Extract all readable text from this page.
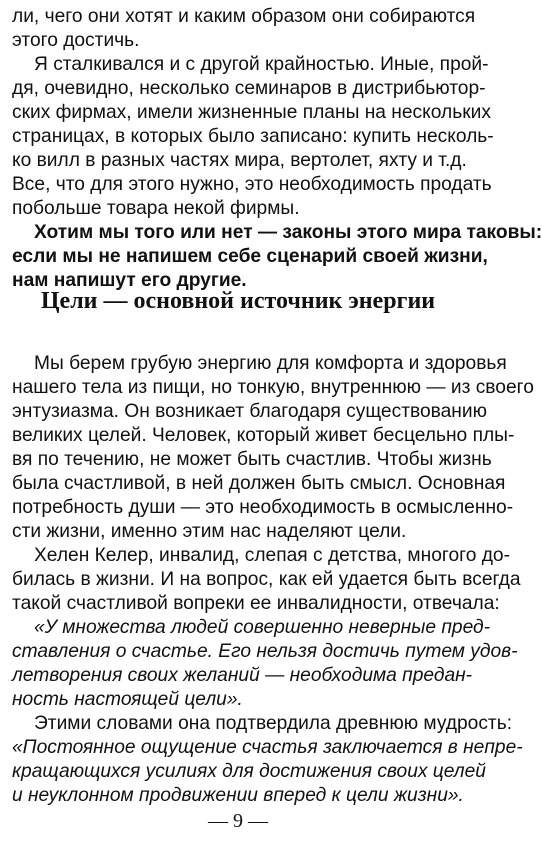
ли, чего они хотят и каким образом они собираются
этого достичь.
Я сталкивался и с другой крайностью. Иные, прой-
дя, очевидно, несколько семинаров в дистрибьютор-
ских фирмах, имели жизненные планы на нескольких
страницах, в которых было записано: купить несколь-
ко вилл в разных частях мира, вертолет, яхту и т.д.
Все, что для этого нужно, это необходимость продать
побольше товара некой фирмы.
Хотим мы того или нет — законы этого мира таковы:
если мы не напишем себе сценарий своей жизни,
нам напишут его другие.
Цели — основной источник энергии
Мы берем грубую энергию для комфорта и здоровья
нашего тела из пищи, но тонкую, внутреннюю — из своего
энтузиазма. Он возникает благодаря существованию
великих целей. Человек, который живет бесцельно плы-
вя по течению, не может быть счастлив. Чтобы жизнь
была счастливой, в ней должен быть смысл. Основная
потребность души — это необходимость в осмысленно-
сти жизни, именно этим нас наделяют цели.
Хелен Келер, инвалид, слепая с детства, многого до-
билась в жизни. И на вопрос, как ей удается быть всегда
такой счастливой вопреки ее инвалидности, отвечала:
«У множества людей совершенно неверные пред-
ставления о счастье. Его нельзя достичь путем удов-
летворения своих желаний — необходима предан-
ность настоящей цели».
Этими словами она подтвердила древнюю мудрость:
«Постоянное ощущение счастья заключается в непре-
кращающихся усилиях для достижения своих целей
и неуклонном продвижении вперед к цели жизни».
— 9 —
